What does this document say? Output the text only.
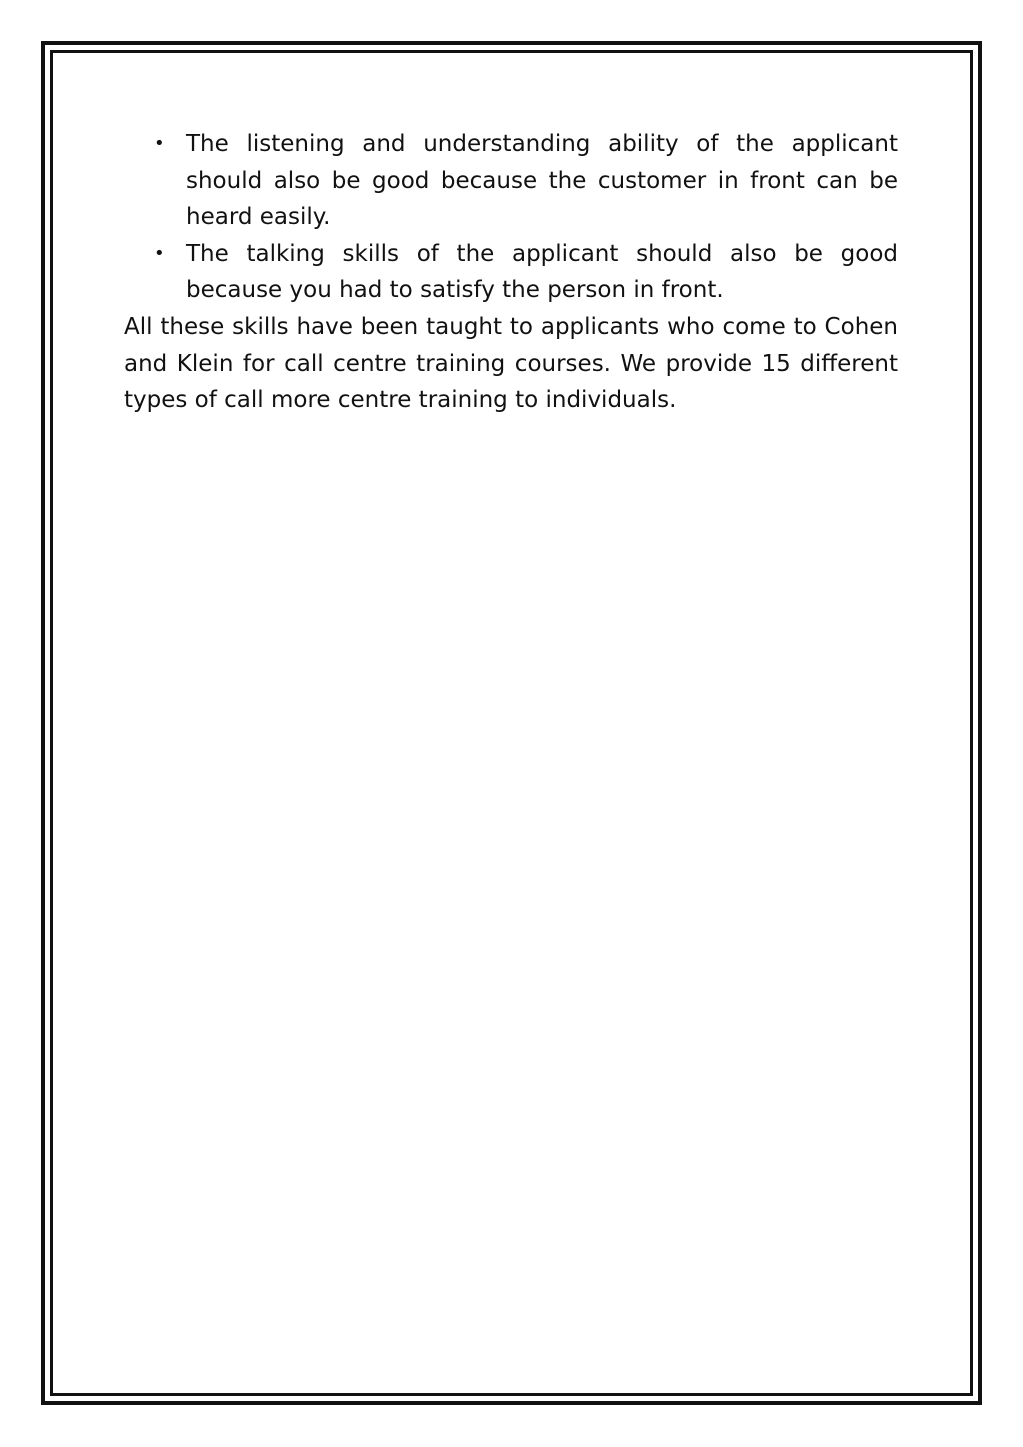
• The listening and understanding ability of the applicant should also be good because the customer in front can be heard easily.
• The talking skills of the applicant should also be good because you had to satisfy the person in front.

All these skills have been taught to applicants who come to Cohen and Klein for call centre training courses. We provide 15 different types of call more centre training to individuals.
